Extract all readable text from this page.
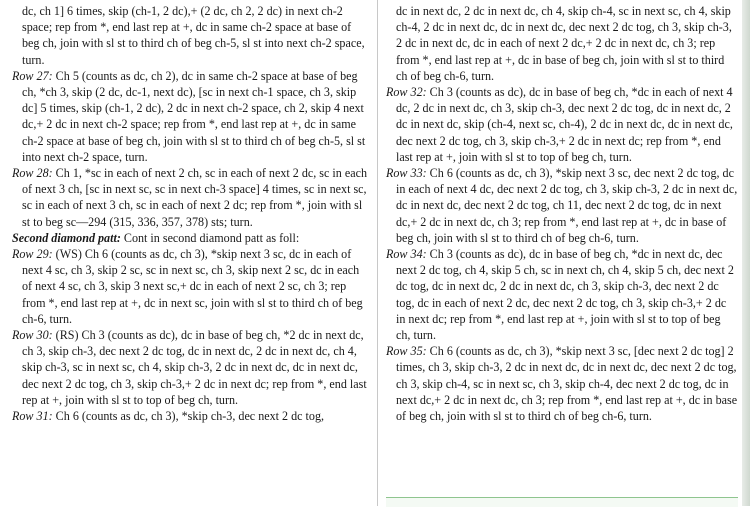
dc, ch 1] 6 times, skip (ch-1, 2 dc),+ (2 dc, ch 2, 2 dc) in next ch-2 space; rep from *, end last rep at +, dc in same ch-2 space at base of beg ch, join with sl st to third ch of beg ch-5, sl st into next ch-2 space, turn.

Row 27: Ch 5 (counts as dc, ch 2), dc in same ch-2 space at base of beg ch, *ch 3, skip (2 dc, dc-1, next dc), [sc in next ch-1 space, ch 3, skip dc] 5 times, skip (ch-1, 2 dc), 2 dc in next ch-2 space, ch 2, skip 4 next dc,+ 2 dc in next ch-2 space; rep from *, end last rep at +, dc in same ch-2 space at base of beg ch, join with sl st to third ch of beg ch-5, sl st into next ch-2 space, turn.

Row 28: Ch 1, *sc in each of next 2 ch, sc in each of next 2 dc, sc in each of next 3 ch, [sc in next sc, sc in next ch-3 space] 4 times, sc in next sc, sc in each of next 3 ch, sc in each of next 2 dc; rep from *, join with sl st to beg sc—294 (315, 336, 357, 378) sts; turn.

Second diamond patt: Cont in second diamond patt as foll:

Row 29: (WS) Ch 6 (counts as dc, ch 3), *skip next 3 sc, dc in each of next 4 sc, ch 3, skip 2 sc, sc in next sc, ch 3, skip next 2 sc, dc in each of next 4 sc, ch 3, skip 3 next sc,+ dc in each of next 2 sc, ch 3; rep from *, end last rep at +, dc in next sc, join with sl st to third ch of beg ch-6, turn.

Row 30: (RS) Ch 3 (counts as dc), dc in base of beg ch, *2 dc in next dc, ch 3, skip ch-3, dec next 2 dc tog, dc in next dc, 2 dc in next dc, ch 4, skip ch-3, sc in next sc, ch 4, skip ch-3, 2 dc in next dc, dc in next dc, dec next 2 dc tog, ch 3, skip ch-3,+ 2 dc in next dc; rep from *, end last rep at +, join with sl st to top of beg ch, turn.

Row 31: Ch 6 (counts as dc, ch 3), *skip ch-3, dec next 2 dc tog,

dc in next dc, 2 dc in next dc, ch 4, skip ch-4, sc in next sc, ch 4, skip ch-4, 2 dc in next dc, dc in next dc, dec next 2 dc tog, ch 3, skip ch-3, 2 dc in next dc, dc in each of next 2 dc,+ 2 dc in next dc, ch 3; rep from *, end last rep at +, dc in base of beg ch, join with sl st to third ch of beg ch-6, turn.

Row 32: Ch 3 (counts as dc), dc in base of beg ch, *dc in each of next 4 dc, 2 dc in next dc, ch 3, skip ch-3, dec next 2 dc tog, dc in next dc, 2 dc in next dc, skip (ch-4, next sc, ch-4), 2 dc in next dc, dc in next dc, dec next 2 dc tog, ch 3, skip ch-3,+ 2 dc in next dc; rep from *, end last rep at +, join with sl st to top of beg ch, turn.

Row 33: Ch 6 (counts as dc, ch 3), *skip next 3 sc, dec next 2 dc tog, dc in each of next 4 dc, dec next 2 dc tog, ch 3, skip ch-3, 2 dc in next dc, dc in next dc, dec next 2 dc tog, ch 11, dec next 2 dc tog, dc in next dc,+ 2 dc in next dc, ch 3; rep from *, end last rep at +, dc in base of beg ch, join with sl st to third ch of beg ch-6, turn.

Row 34: Ch 3 (counts as dc), dc in base of beg ch, *dc in next dc, dec next 2 dc tog, ch 4, skip 5 ch, sc in next ch, ch 4, skip 5 ch, dec next 2 dc tog, dc in next dc, 2 dc in next dc, ch 3, skip ch-3, dec next 2 dc tog, dc in each of next 2 dc, dec next 2 dc tog, ch 3, skip ch-3,+ 2 dc in next dc; rep from *, end last rep at +, join with sl st to top of beg ch, turn.

Row 35: Ch 6 (counts as dc, ch 3), *skip next 3 sc, [dec next 2 dc tog] 2 times, ch 3, skip ch-3, 2 dc in next dc, dc in next dc, dec next 2 dc tog, ch 3, skip ch-4, sc in next sc, ch 3, skip ch-4, dec next 2 dc tog, dc in next dc,+ 2 dc in next dc, ch 3; rep from *, end last rep at +, dc in base of beg ch, join with sl st to third ch of beg ch-6, turn.
